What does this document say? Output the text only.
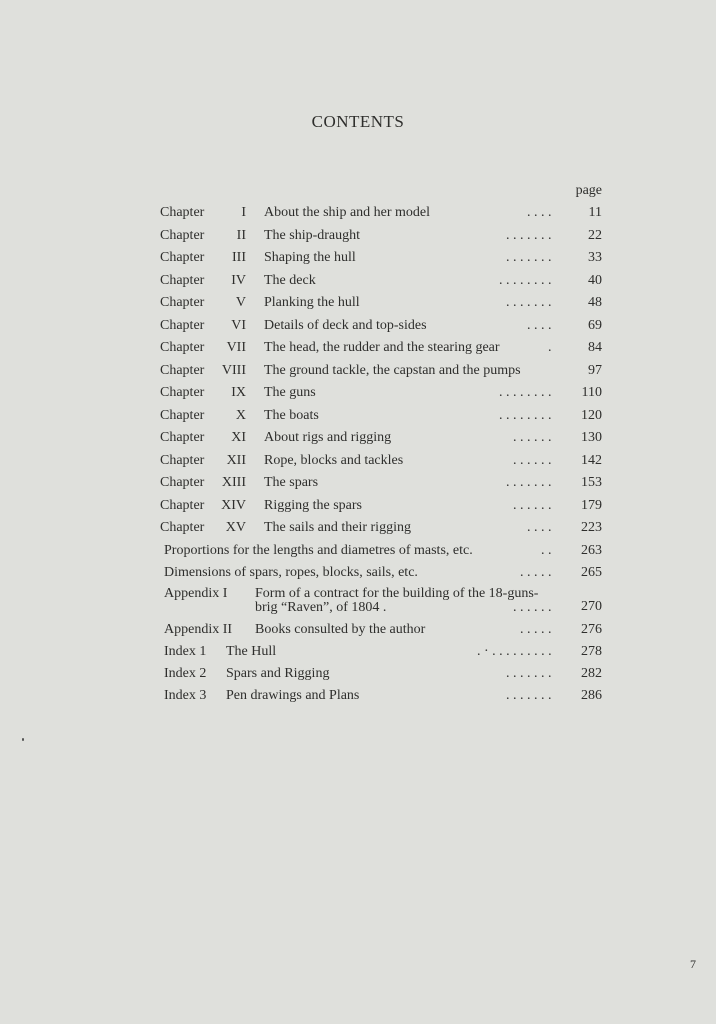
CONTENTS
page
Chapter	I About the ship and her model	. . . .	11
Chapter	II The ship-draught	. . . . . . .	22
Chapter	III Shaping the hull	. . . . . . .	33
Chapter	IV The deck	. . . . . . . .	40
Chapter	V Planking the hull	. . . . . . .	48
Chapter	VI Details of deck and top-sides	. . . .	69
Chapter	VII The head, the rudder and the stearing gear	.	84
Chapter	VIII The ground tackle, the capstan and the pumps	97
Chapter	IX The guns	. . . . . . . .	110
Chapter	X The boats	. . . . . . . .	120
Chapter	XI About rigs and rigging	. . . . . .	130
Chapter	XII Rope, blocks and tackles	. . . . . .	142
Chapter	XIII The spars	. . . . . . .	153
Chapter	XIV Rigging the spars	. . . . . .	179
Chapter	XV The sails and their rigging	. . . .	223
Proportions for the lengths and diametres of masts, etc.	. .	263
Dimensions of spars, ropes, blocks, sails, etc.	. . . . .	265
Appendix I Form of a contract for the building of the 18-guns-
brig “Raven”, of 1804 .	. . . . . .	270
Appendix II Books consulted by the author	. . . . .	276
Index 1 The Hull	. · . . . . . . . . .	278
Index 2 Spars and Rigging	. . . . . . .	282
Index 3 Pen drawings and Plans	. . . . . . .	286
7
